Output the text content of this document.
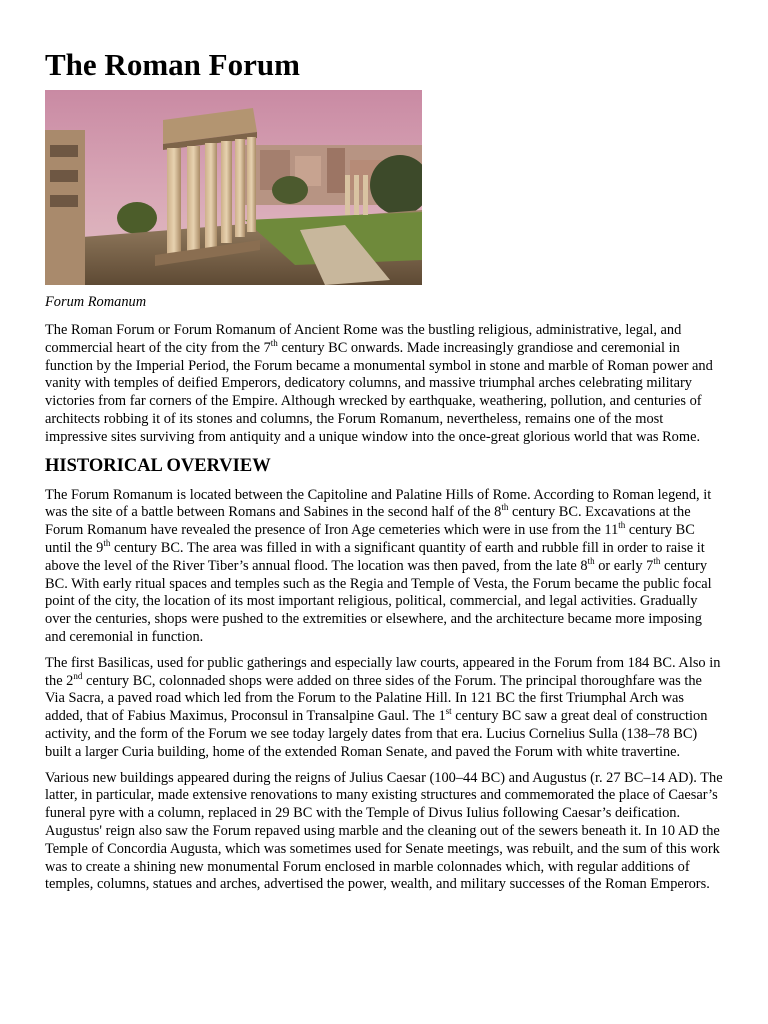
The Roman Forum
Forum Romanum

The Roman Forum or Forum Romanum of Ancient Rome was the bustling religious, administrative, legal, and commercial heart of the city from the 7th century BC onwards. Made increasingly grandiose and ceremonial in function by the Imperial Period, the Forum became a monumental symbol in stone and marble of Roman power and vanity with temples of deified Emperors, dedicatory columns, and massive triumphal arches celebrating military victories from far corners of the Empire. Although wrecked by earthquake, weathering, pollution, and centuries of architects robbing it of its stones and columns, the Forum Romanum, nevertheless, remains one of the most impressive sites surviving from antiquity and a unique window into the once-great glorious world that was Rome.

HISTORICAL OVERVIEW

The Forum Romanum is located between the Capitoline and Palatine Hills of Rome. According to Roman legend, it was the site of a battle between Romans and Sabines in the second half of the 8th century BC. Excavations at the Forum Romanum have revealed the presence of Iron Age cemeteries which were in use from the 11th century BC until the 9th century BC. The area was filled in with a significant quantity of earth and rubble fill in order to raise it above the level of the River Tiber’s annual flood. The location was then paved, from the late 8th or early 7th century BC. With early ritual spaces and temples such as the Regia and Temple of Vesta, the Forum became the public focal point of the city, the location of its most important religious, political, commercial, and legal activities. Gradually over the centuries, shops were pushed to the extremities or elsewhere, and the architecture became more imposing and ceremonial in function.

The first Basilicas, used for public gatherings and especially law courts, appeared in the Forum from 184 BC. Also in the 2nd century BC, colonnaded shops were added on three sides of the Forum. The principal thoroughfare was the Via Sacra, a paved road which led from the Forum to the Palatine Hill. In 121 BC the first Triumphal Arch was added, that of Fabius Maximus, Proconsul in Transalpine Gaul. The 1st century BC saw a great deal of construction activity, and the form of the Forum we see today largely dates from that era. Lucius Cornelius Sulla (138–78 BC) built a larger Curia building, home of the extended Roman Senate, and paved the Forum with white travertine.

Various new buildings appeared during the reigns of Julius Caesar (100–44 BC) and Augustus (r. 27 BC–14 AD). The latter, in particular, made extensive renovations to many existing structures and commemorated the place of Caesar’s funeral pyre with a column, replaced in 29 BC with the Temple of Divus Iulius following Caesar’s deification. Augustus' reign also saw the Forum repaved using marble and the cleaning out of the sewers beneath it. In 10 AD the Temple of Concordia Augusta, which was sometimes used for Senate meetings, was rebuilt, and the sum of this work was to create a shining new monumental Forum enclosed in marble colonnades which, with regular additions of temples, columns, statues and arches, advertised the power, wealth, and military successes of the Roman Emperors.
